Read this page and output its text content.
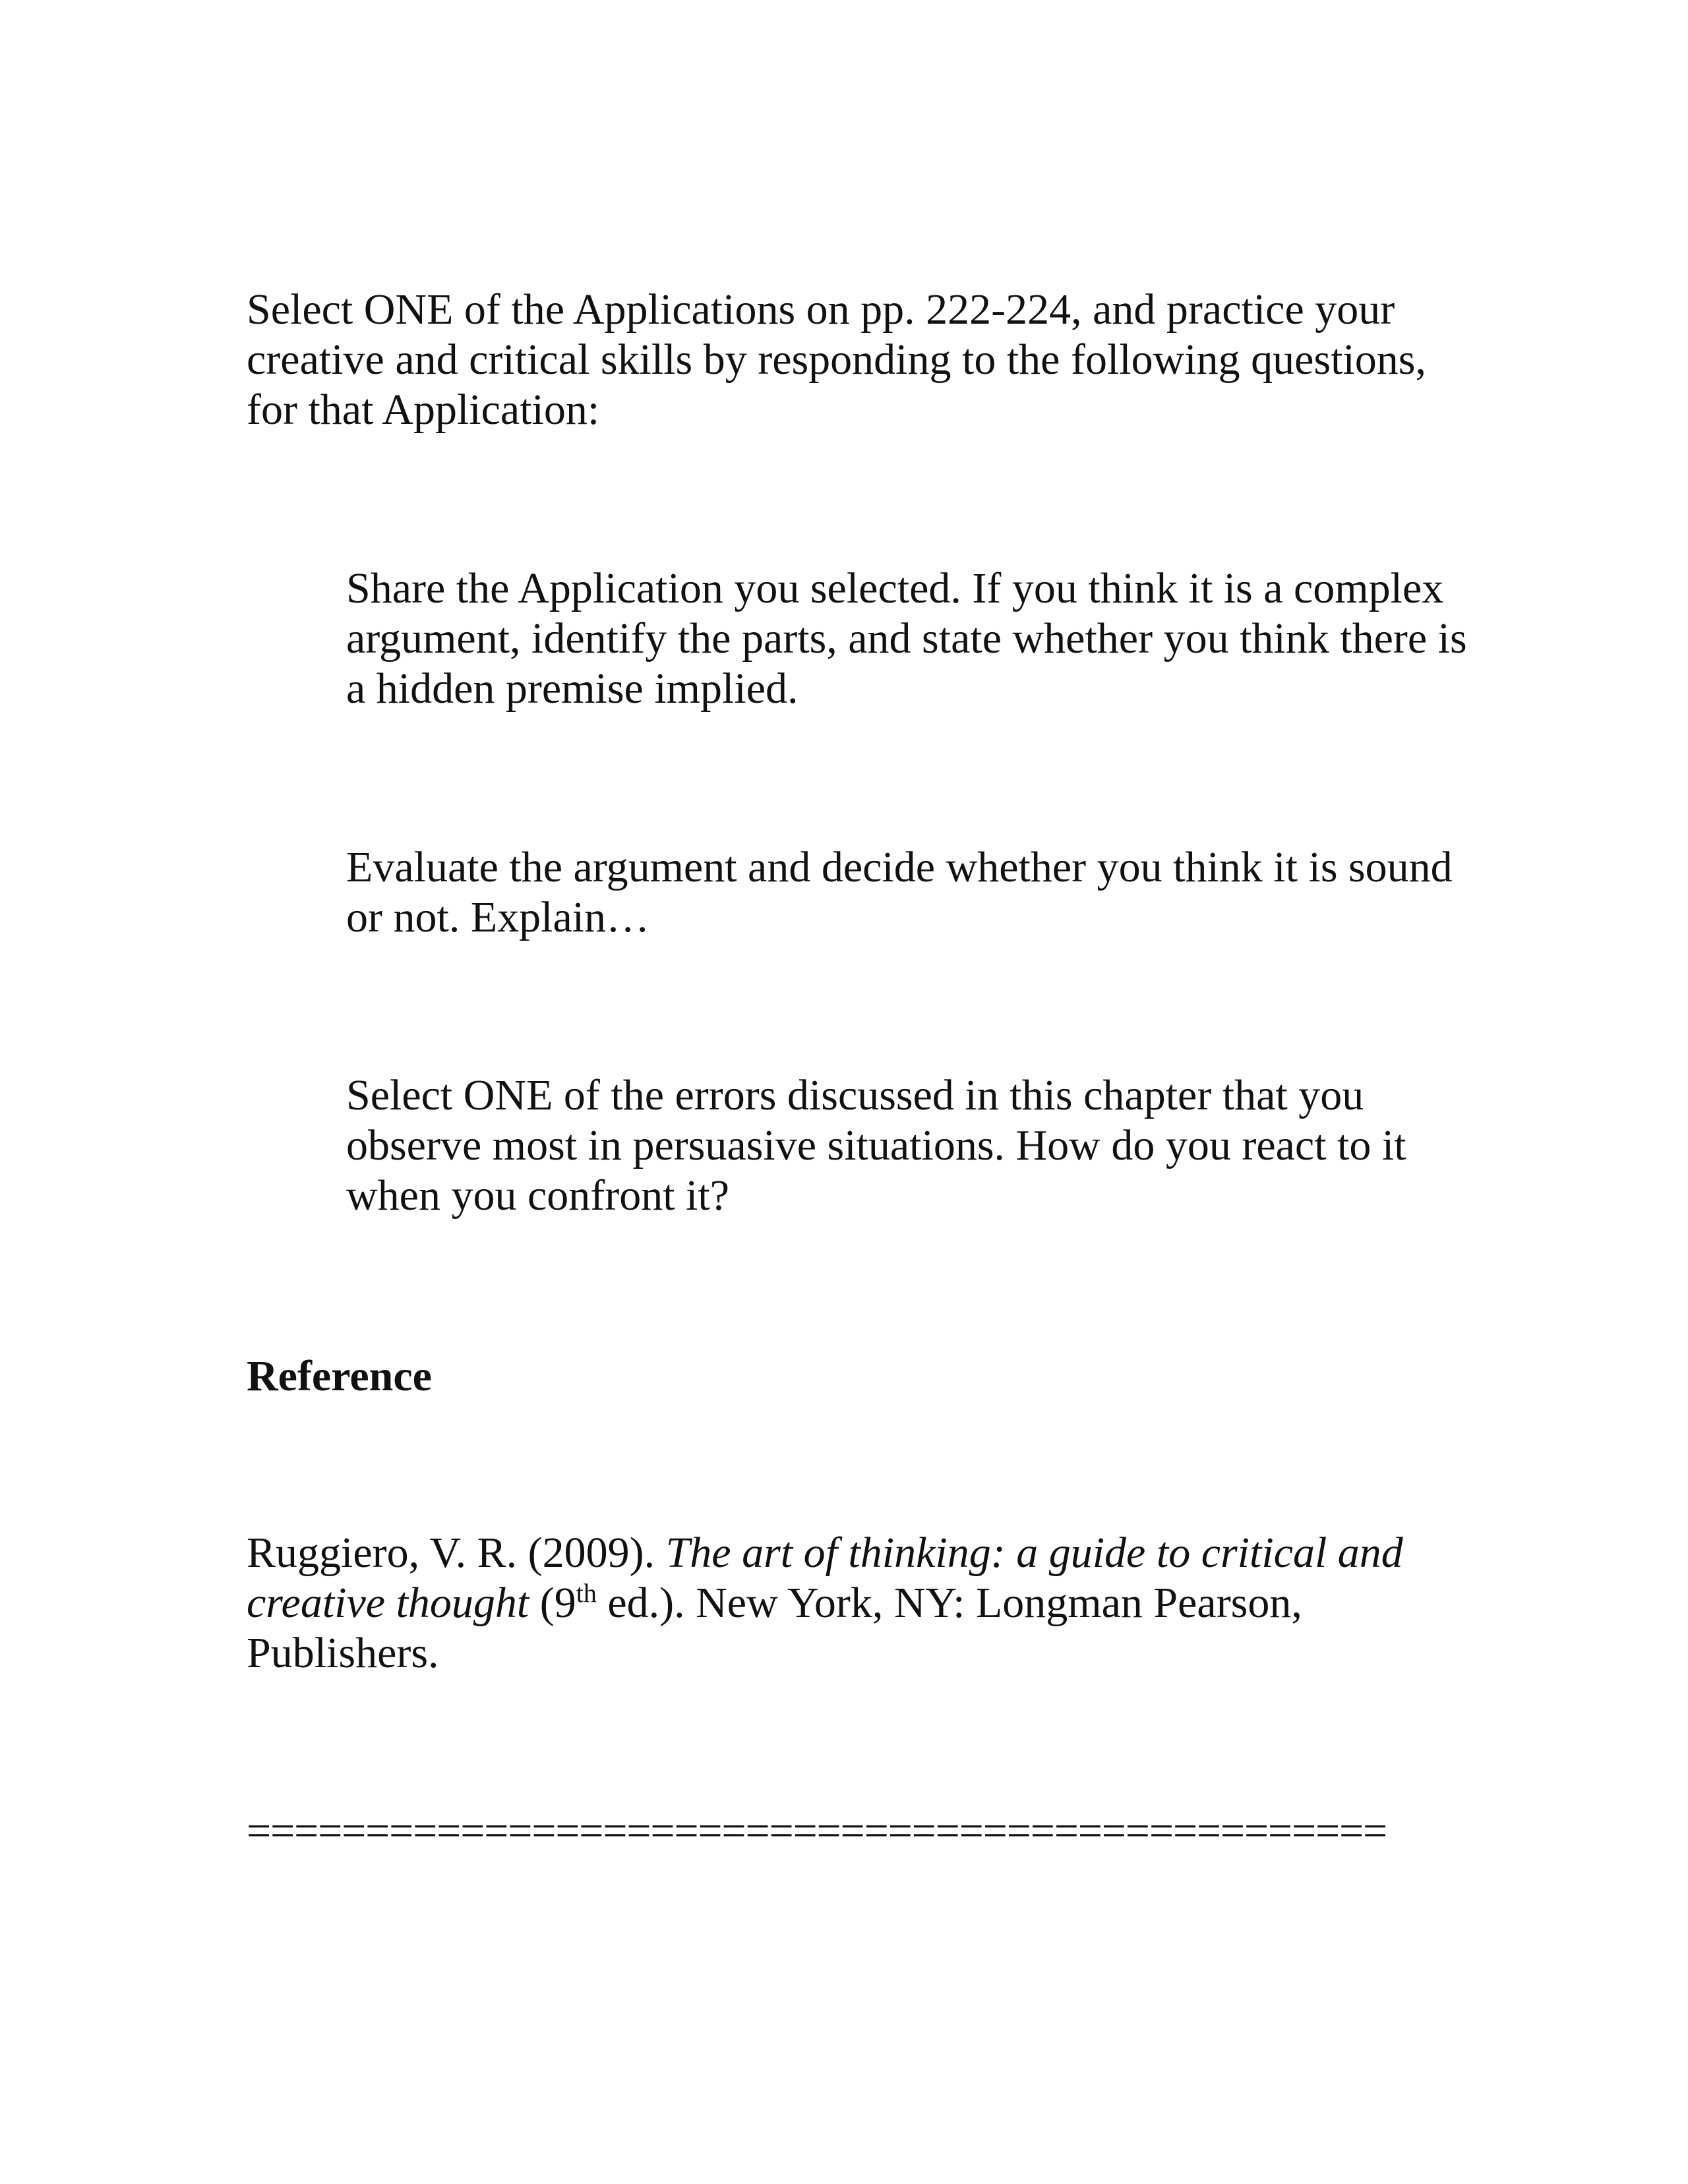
Select ONE of the Applications on pp. 222-224, and practice your
creative and critical skills by responding to the following questions,
for that Application:
Share the Application you selected. If you think it is a complex
argument, identify the parts, and state whether you think there is
a hidden premise implied.
Evaluate the argument and decide whether you think it is sound
or not. Explain…
Select ONE of the errors discussed in this chapter that you
observe most in persuasive situations. How do you react to it
when you confront it?
Reference
Ruggiero, V. R. (2009). The art of thinking: a guide to critical and
creative thought (9th ed.). New York, NY: Longman Pearson,
Publishers.
================================================
